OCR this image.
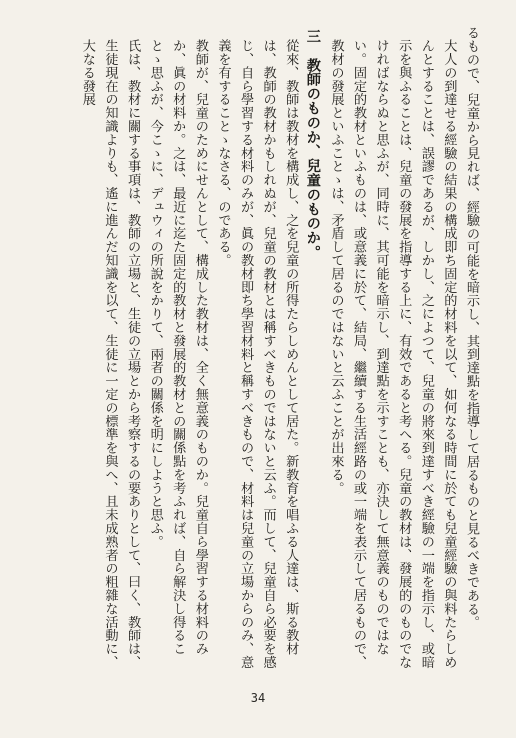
るもので、兒童から見れば、經驗の可能を暗示し、其到達點を指導して居るものと見るべきである。

大人の到達せる經驗の結果の構成即ち固定的材料を以て、如何なる時間に於ても兒童經驗の與料たらしめんとすることは、誤謬であるが、しかし、之によつて、兒童の將來到達すべき經驗の一端を指示し、或暗示を與ふることは、兒童の發展を指導する上に、有效であると考へる。兒童の教材は、發展的のものでなければならぬと思ふが、同時に、其可能を暗示し、到達點を示すことも、亦決して無意義のものではない。固定的教材といふものは、或意義に於て、結局、繼續する生活經路の或一端を表示して居るもので、教材の發展といふことゝは、矛盾して居るのではないと云ふことが出來る。

三　教師のものか、兒童のものか。

從來、教師は教材を構成し、之を兒童の所得たらしめんとして居た。新教育を唱ふる人達は、斯る教材は、教師の教材かもしれぬが、兒童の教材とは稱すべきものではないと云ふ。而して、兒童自ら必要を感じ、自ら學習する材料のみが、眞の教材即ち學習材料と稱すべきもので、材料は兒童の立場からのみ、意義を有することゝなさる、のである。

教師が、兒童のためにせんとして、構成した教材は、全く無意義のものか。兒童自ら學習する材料のみか、眞の材料か。之は、最近に迄た固定的教材と發展的教材との關係點を考ふれば、自ら解決し得ることゝ思ふが、今こゝに、デュウィの所說をかりて、兩者の關係を明にしようと思ふ。

氏は、教材に關する事項は、教師の立場と、生徒の立場とから考察するの要ありとして、曰く、教師は、生徒現在の知識よりも、遙に進んだ知識を以て、生徒に一定の標準を與へ、且未成熟者の粗雜な活動に、大なる發展

34
